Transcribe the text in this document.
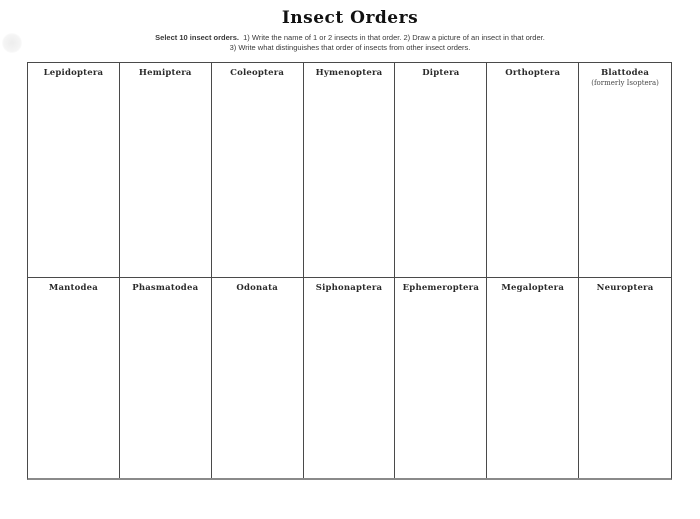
Insect Orders
Select 10 insect orders. 1) Write the name of 1 or 2 insects in that order. 2) Draw a picture of an insect in that order.
3) Write what distinguishes that order of insects from other insect orders.
Lepidoptera	Hemiptera	Coleoptera	Hymenoptera	Diptera	Orthoptera	Blattodea
(formerly Isoptera)
Mantodea	Phasmatodea	Odonata	Siphonaptera	Ephemeroptera	Megaloptera	Neuroptera
